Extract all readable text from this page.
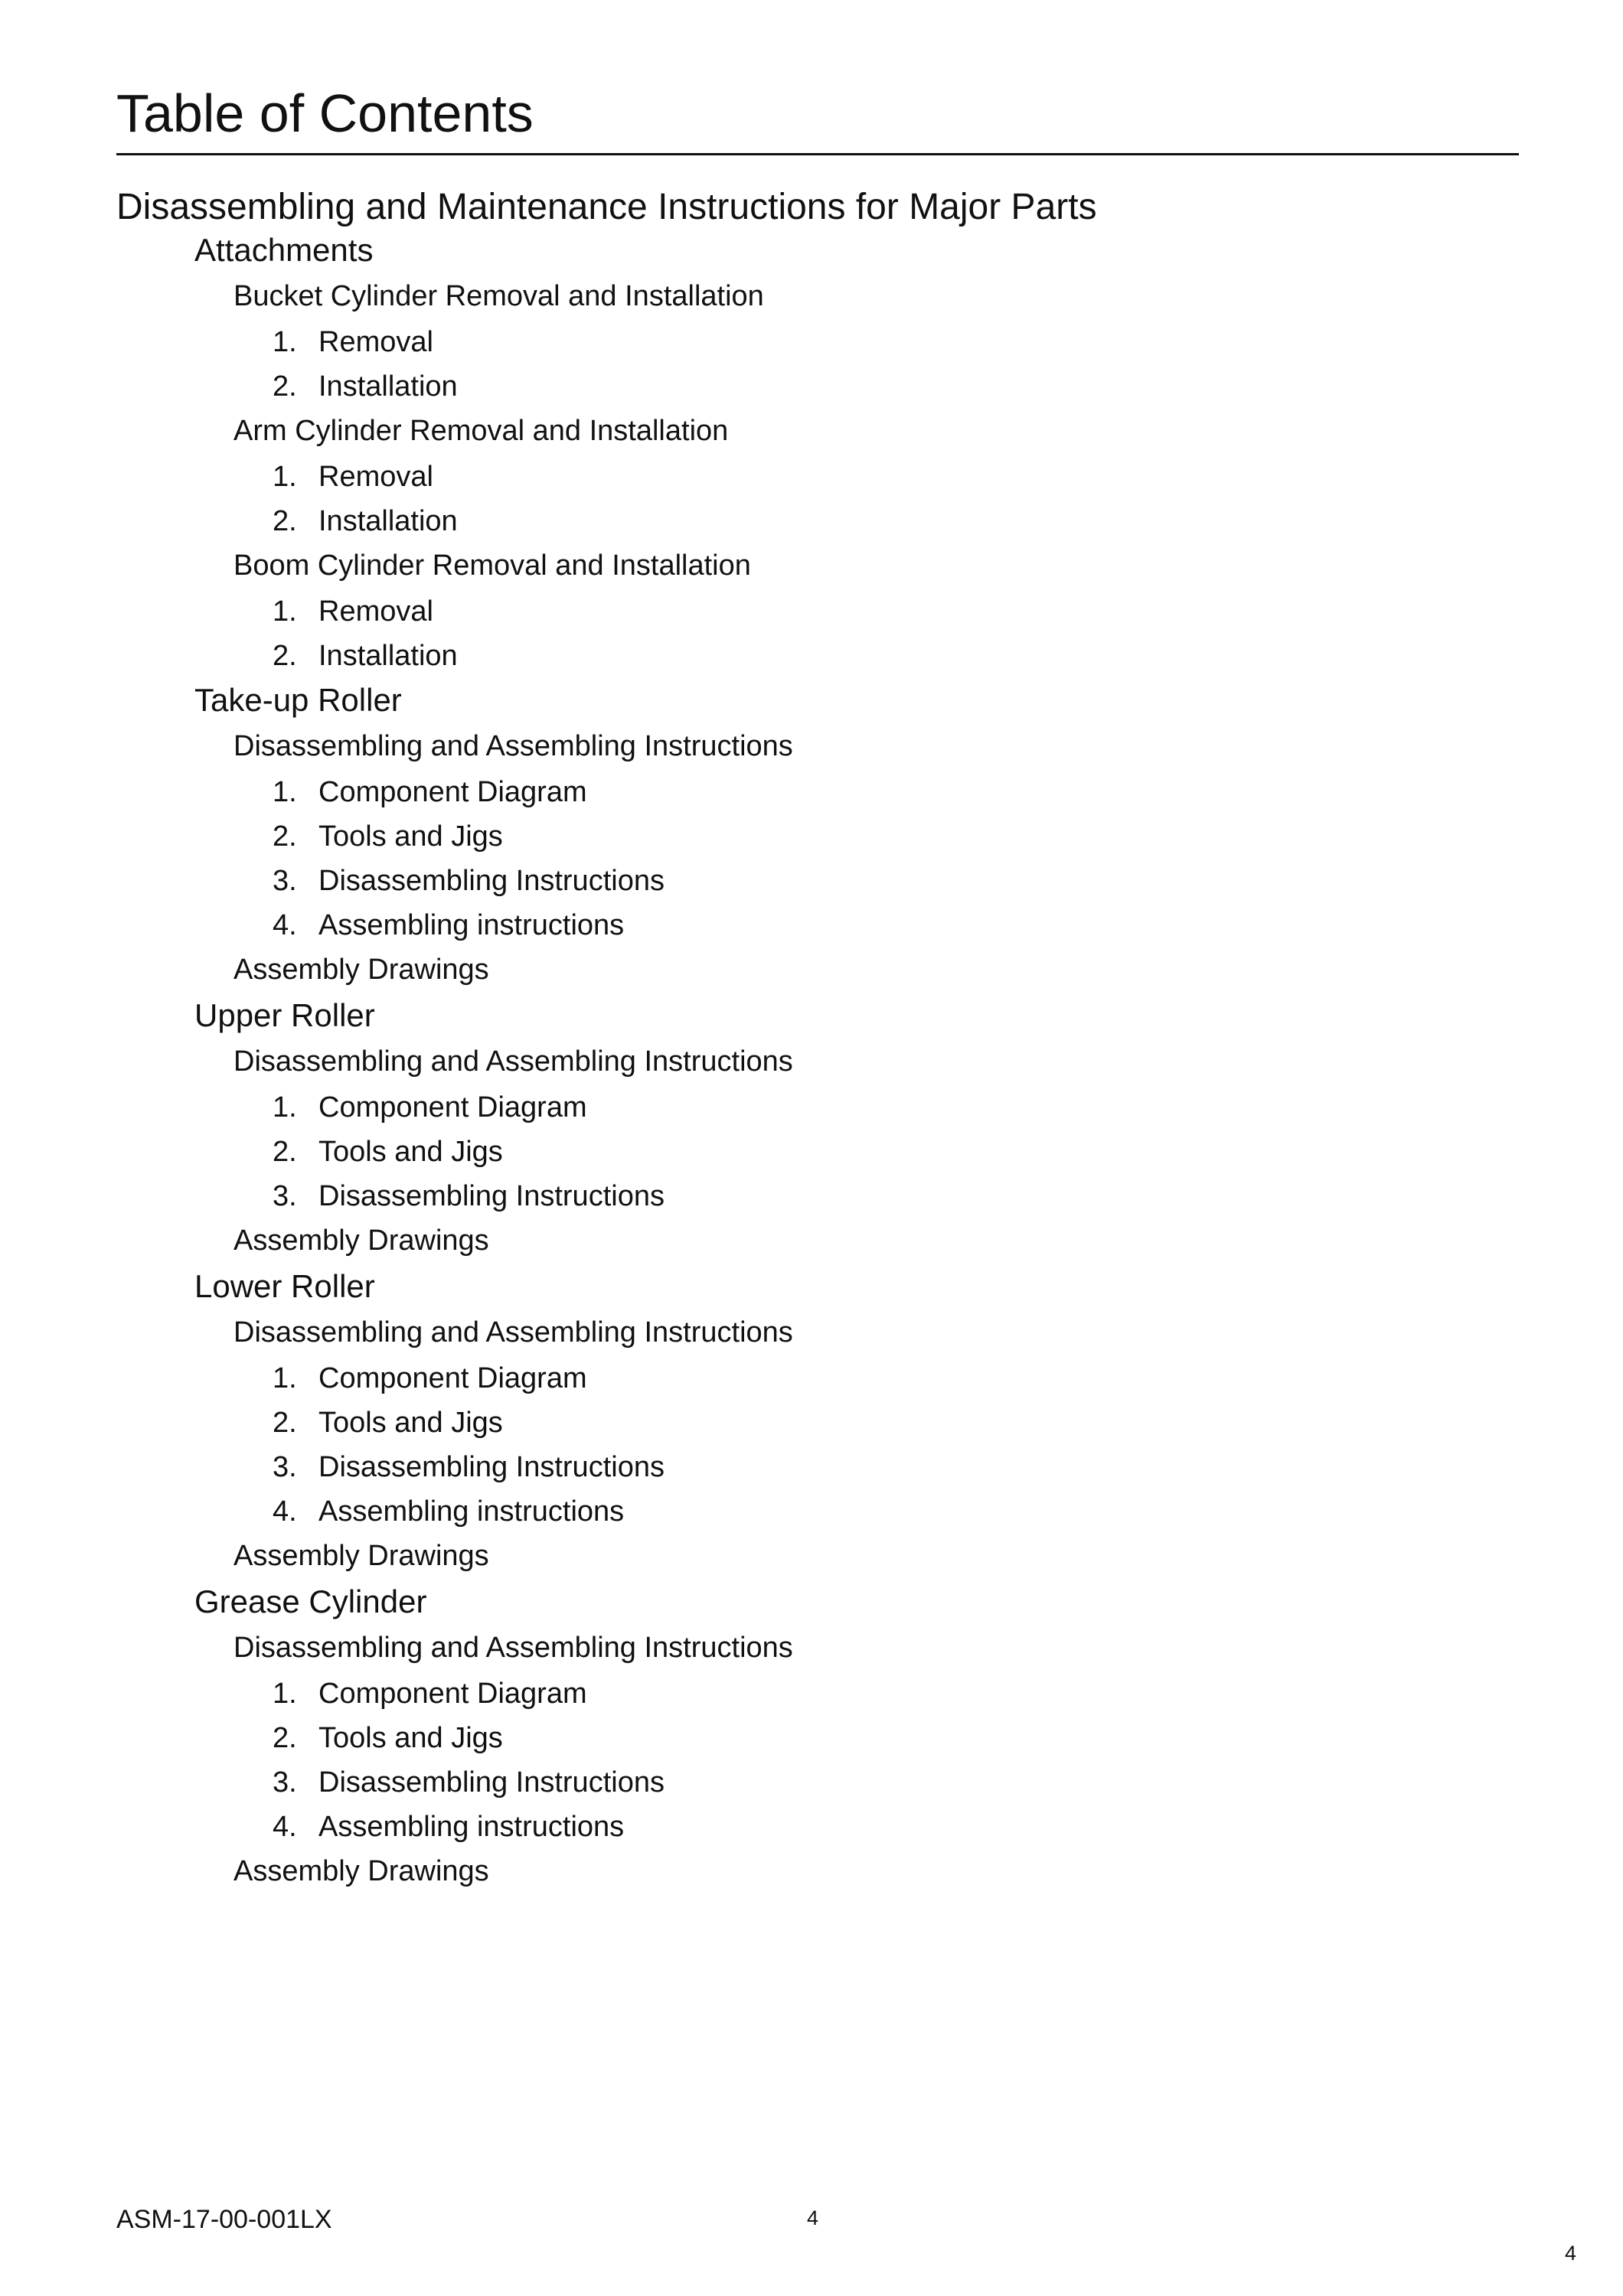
Table of Contents
Disassembling and Maintenance Instructions for Major Parts
Attachments
Bucket Cylinder Removal and Installation
1. Removal
2. Installation
Arm Cylinder Removal and Installation
1. Removal
2. Installation
Boom Cylinder Removal and Installation
1. Removal
2. Installation
Take-up Roller
Disassembling and Assembling Instructions
1. Component Diagram
2. Tools and Jigs
3. Disassembling Instructions
4. Assembling instructions
Assembly Drawings
Upper Roller
Disassembling and Assembling Instructions
1. Component Diagram
2. Tools and Jigs
3. Disassembling Instructions
Assembly Drawings
Lower Roller
Disassembling and Assembling Instructions
1. Component Diagram
2. Tools and Jigs
3. Disassembling Instructions
4. Assembling instructions
Assembly Drawings
Grease Cylinder
Disassembling and Assembling Instructions
1. Component Diagram
2. Tools and Jigs
3. Disassembling Instructions
4. Assembling instructions
Assembly Drawings
ASM-17-00-001LX	4
4
